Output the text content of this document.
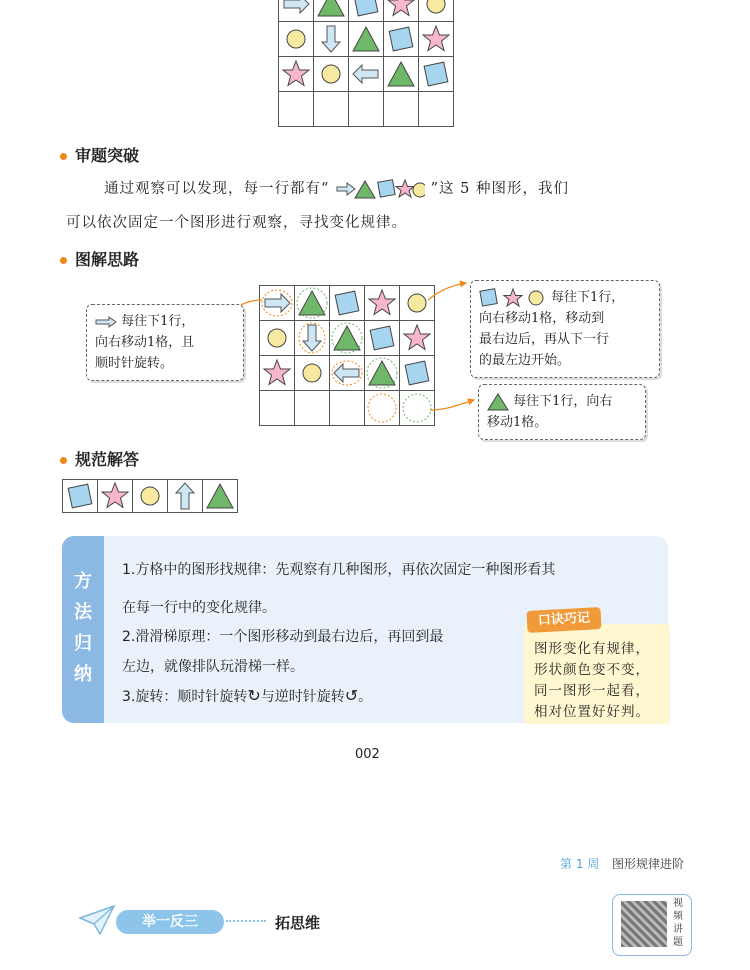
审题突破
通过观察可以发现，每一行都有“	”这 5 种图形，我们
可以依次固定一个图形进行观察，寻找变化规律。
图解思路

每往下1行，
向右移动1格，且
顺时针旋转。
每往下1行，
向右移动1格，移动到
最右边后，再从下一行
的最左边开始。
每往下1行，向右
移动1格。
规范解答

方
法
归
纳
1.方格中的图形找规律：先观察有几种图形，再依次固定一种图形看其
在每一行中的变化规律。
2.滑滑梯原理：一个图形移动到最右边后，再回到最
左边，就像排队玩滑梯一样。
3.旋转：顺时针旋转↻与逆时针旋转↺。
口诀巧记
图形变化有规律，
形状颜色变不变，
同一图形一起看，
相对位置好好判。
002
第 1 周 图形规律进阶
举一反三	拓思维
视
频
讲
题
